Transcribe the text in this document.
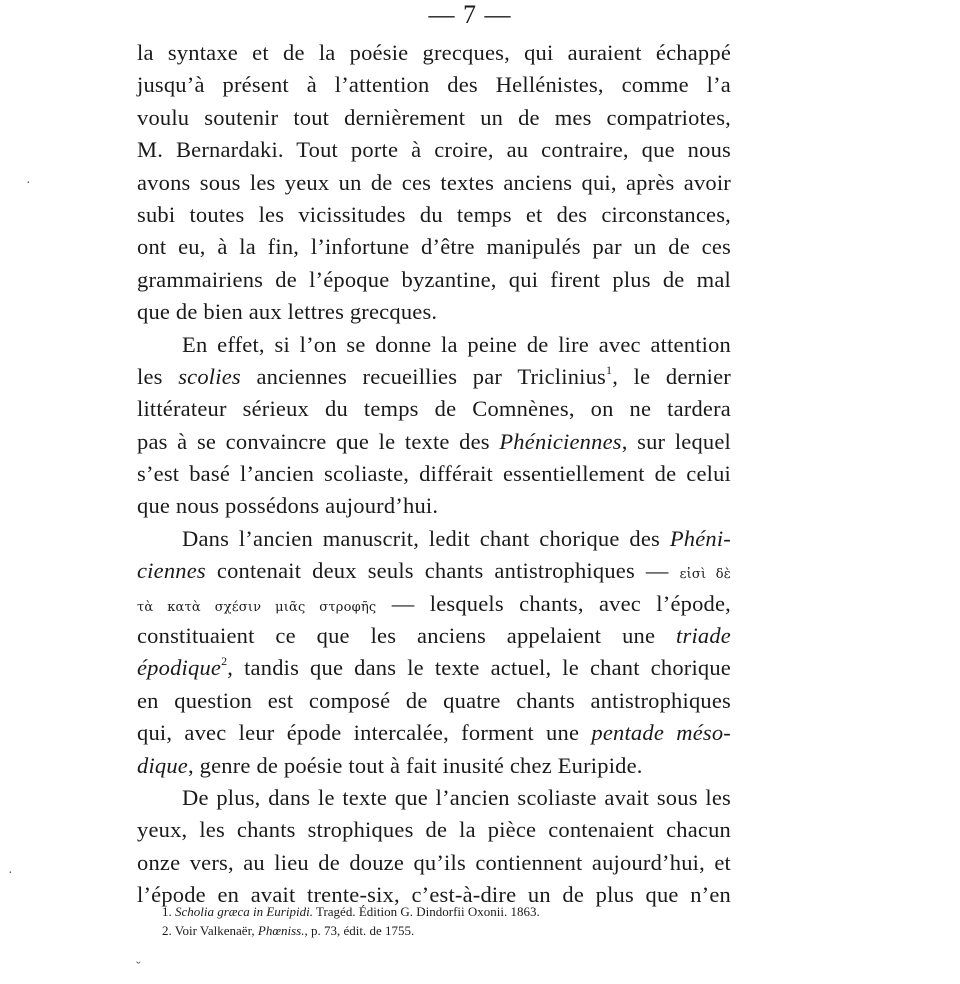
— 7 —
·
·
ˇ
la syntaxe et de la poésie grecques, qui auraient échappé
jusqu’à présent à l’attention des Hellénistes, comme l’a
voulu soutenir tout dernièrement un de mes compatriotes,
M. Bernardaki. Tout porte à croire, au contraire, que nous
avons sous les yeux un de ces textes anciens qui, après avoir
subi toutes les vicissitudes du temps et des circonstances,
ont eu, à la fin, l’infortune d’être manipulés par un de ces
grammairiens de l’époque byzantine, qui firent plus de mal
que de bien aux lettres grecques.
En effet, si l’on se donne la peine de lire avec attention
les scolies anciennes recueillies par Triclinius$^1$, le dernier
littérateur sérieux du temps de Comnènes, on ne tardera
pas à se convaincre que le texte des Phéniciennes, sur lequel
s’est basé l’ancien scoliaste, différait essentiellement de celui
que nous possédons aujourd’hui.
Dans l’ancien manuscrit, ledit chant chorique des Phéni-
ciennes contenait deux seuls chants antistrophiques — εἰσὶ δὲ
τὰ κατὰ σχέσιν μιᾶς στροφῆς — lesquels chants, avec l’épode,
constituaient ce que les anciens appelaient une triade
épodique$^2$, tandis que dans le texte actuel, le chant chorique
en question est composé de quatre chants antistrophiques
qui, avec leur épode intercalée, forment une pentade méso-
dique, genre de poésie tout à fait inusité chez Euripide.
De plus, dans le texte que l’ancien scoliaste avait sous les
yeux, les chants strophiques de la pièce contenaient chacun
onze vers, au lieu de douze qu’ils contiennent aujourd’hui, et
l’épode en avait trente-six, c’est-à-dire un de plus que n’en
1. Scholia græca in Euripidi. Tragéd. Édition G. Dindorfii Oxonii. 1863.
2. Voir Valkenaër, Phœniss., p. 73, édit. de 1755.
